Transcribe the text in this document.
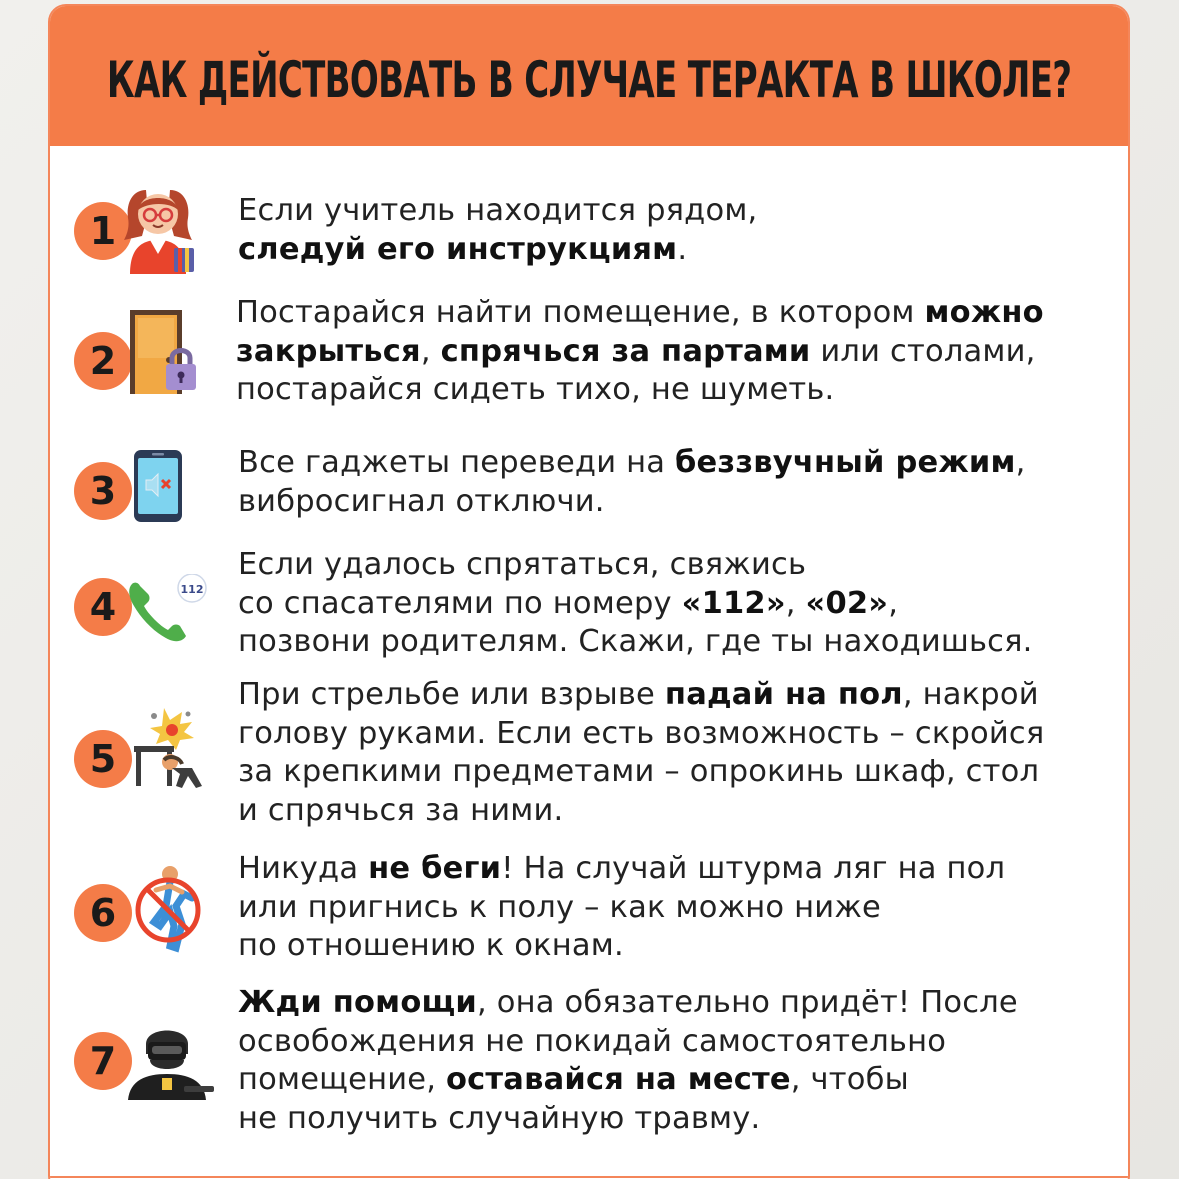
КАК ДЕЙСТВОВАТЬ В СЛУЧАЕ ТЕРАКТА В ШКОЛЕ?
1	Если учитель находится рядом,
следуй его инструкциям.
2
Постарайся найти помещение, в котором можно
закрыться, спрячься за партами или столами,
постарайся сидеть тихо, не шуметь.
3
Все гаджеты переведи на беззвучный режим,
вибросигнал отключи.
4	112
Если удалось спрятаться, свяжись
со спасателями по номеру «112», «02»,
позвони родителям. Скажи, где ты находишься.
5
При стрельбе или взрыве падай на пол, накрой
голову руками. Если есть возможность – скройся
за крепкими предметами – опрокинь шкаф, стол
и спрячься за ними.
6
Никуда не беги! На случай штурма ляг на пол
или пригнись к полу – как можно ниже
по отношению к окнам.
7
Жди помощи, она обязательно придёт! После
освобождения не покидай самостоятельно
помещение, оставайся на месте, чтобы
не получить случайную травму.
